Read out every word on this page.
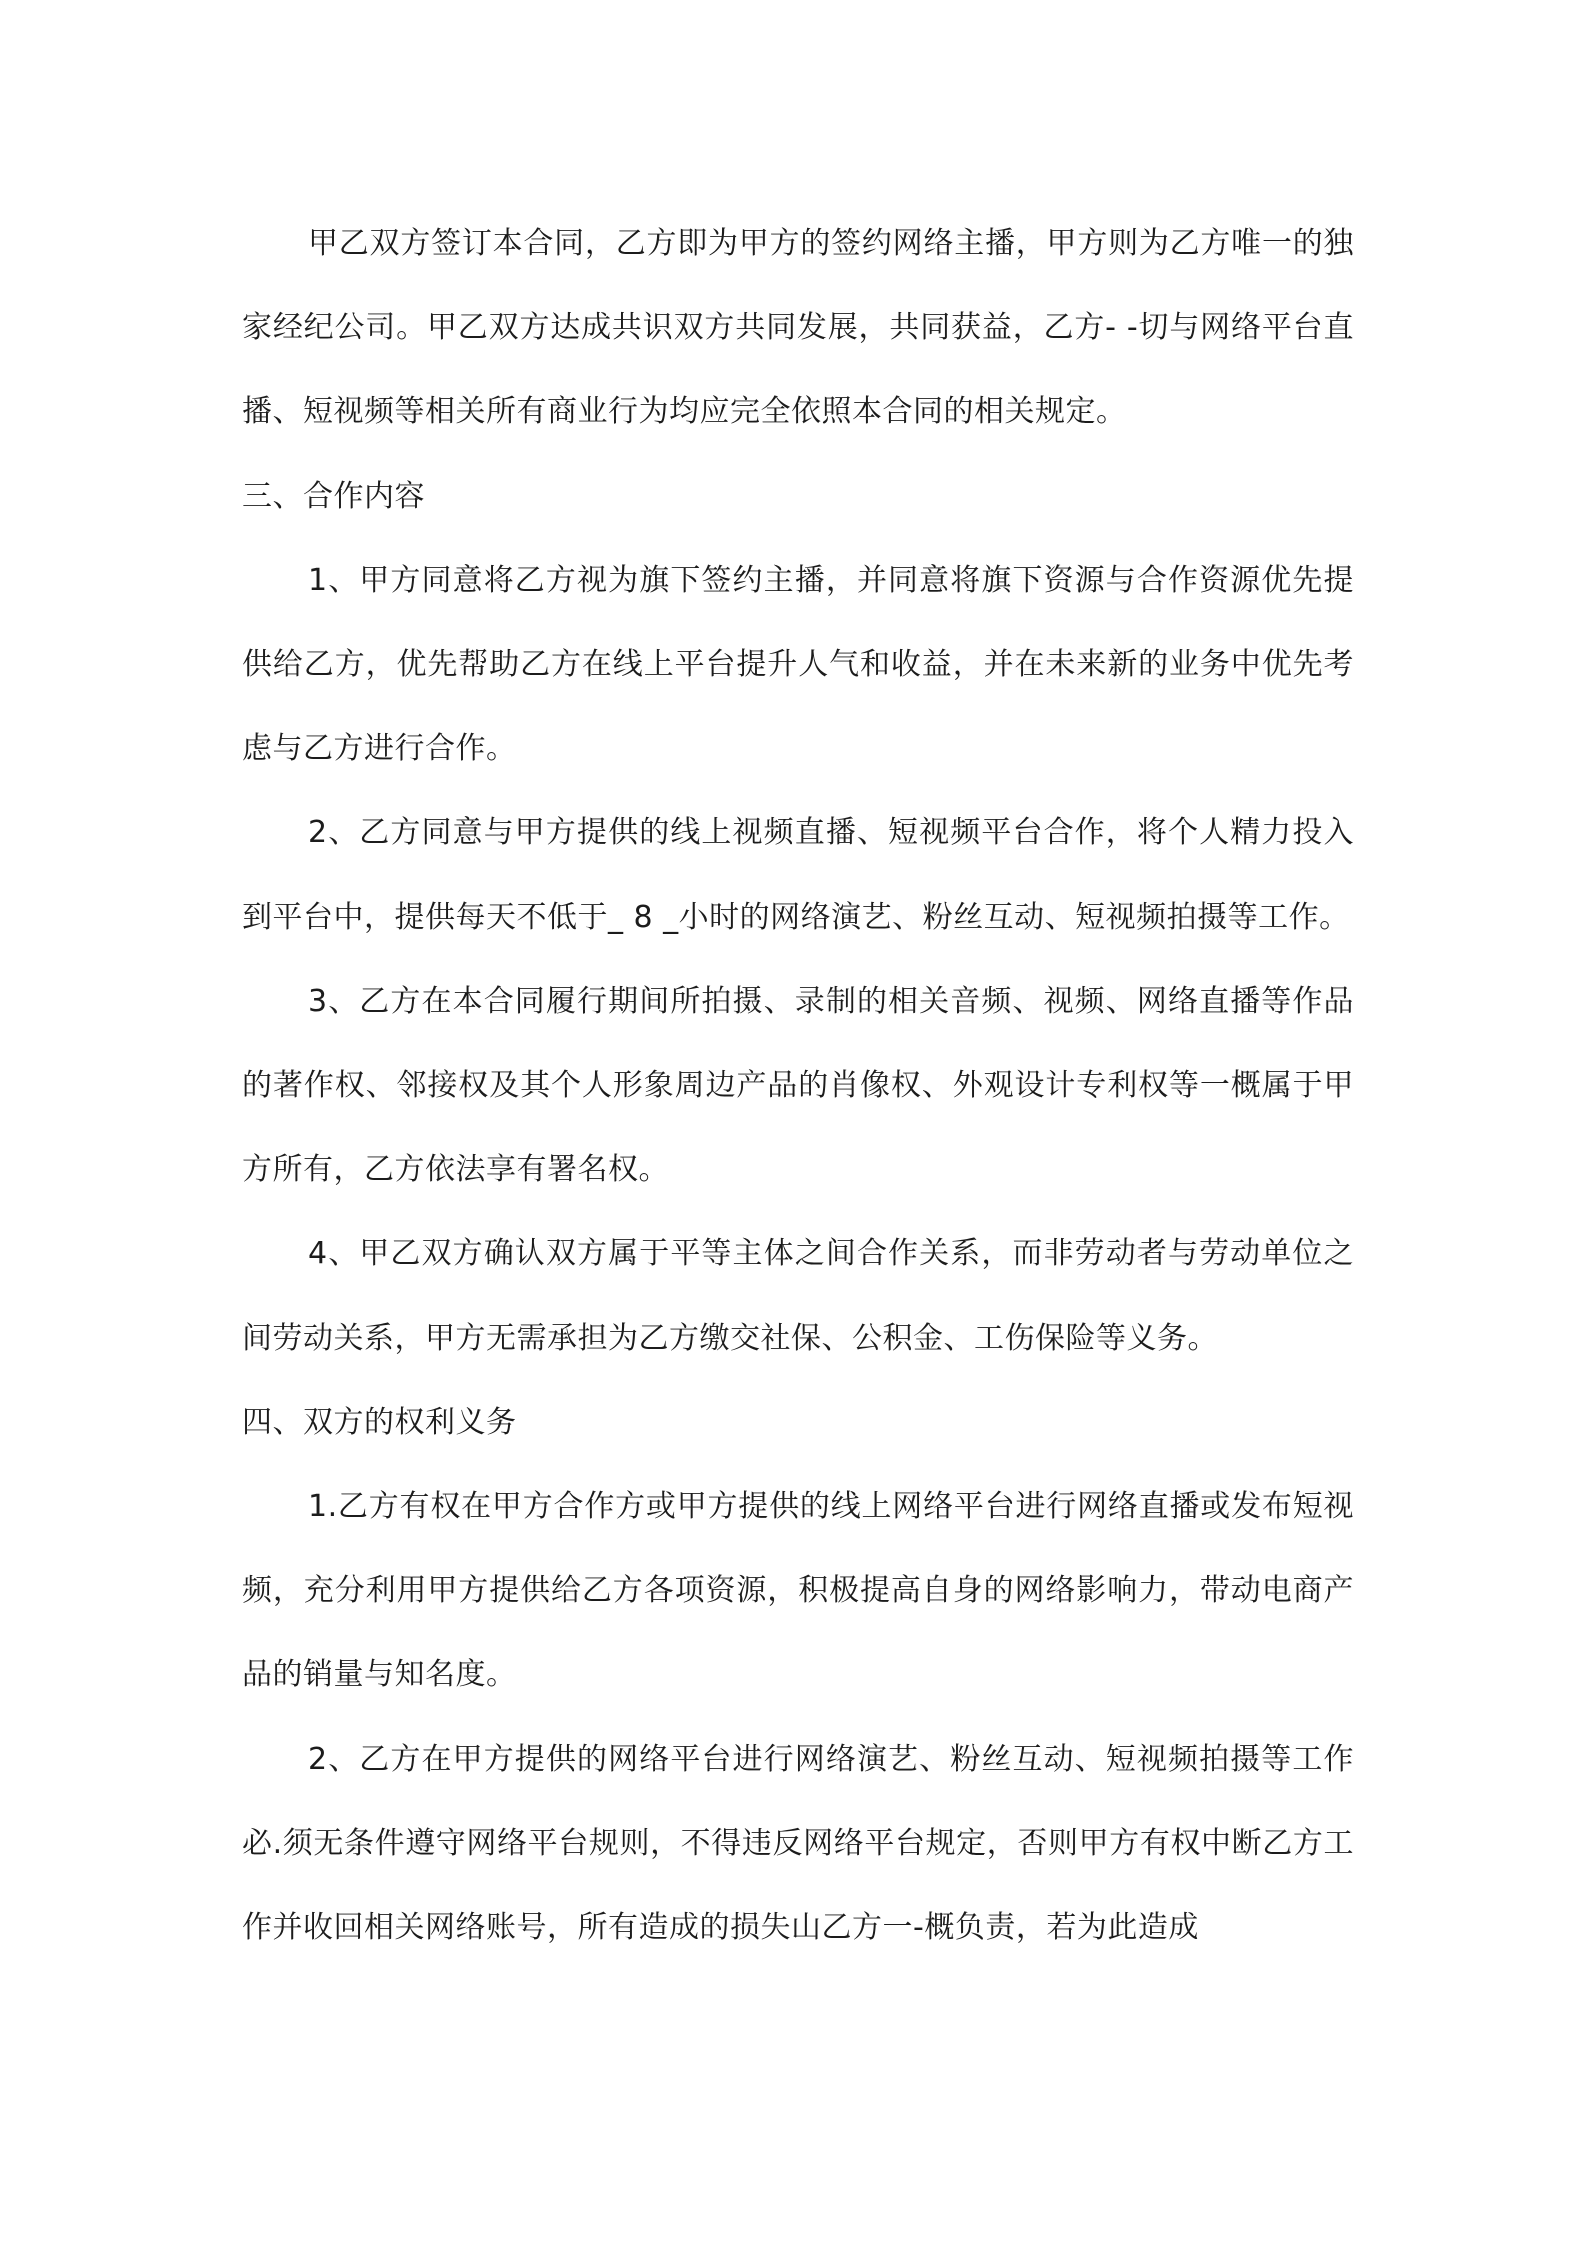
甲乙双方签订本合同，乙方即为甲方的签约网络主播，甲方则为乙方唯一的独家经纪公司。甲乙双方达成共识双方共同发展，共同获益，乙方- -切与网络平台直播、短视频等相关所有商业行为均应完全依照本合同的相关规定。

三、合作内容

1、甲方同意将乙方视为旗下签约主播，并同意将旗下资源与合作资源优先提供给乙方，优先帮助乙方在线上平台提升人气和收益，并在未来新的业务中优先考虑与乙方进行合作。

2、乙方同意与甲方提供的线上视频直播、短视频平台合作，将个人精力投入到平台中，提供每天不低于_ 8 _小时的网络演艺、粉丝互动、短视频拍摄等工作。

3、乙方在本合同履行期间所拍摄、录制的相关音频、视频、网络直播等作品的著作权、邻接权及其个人形象周边产品的肖像权、外观设计专利权等一概属于甲方所有，乙方依法享有署名权。

4、甲乙双方确认双方属于平等主体之间合作关系，而非劳动者与劳动单位之间劳动关系，甲方无需承担为乙方缴交社保、公积金、工伤保险等义务。

四、双方的权利义务

1.乙方有权在甲方合作方或甲方提供的线上网络平台进行网络直播或发布短视频，充分利用甲方提供给乙方各项资源，积极提高自身的网络影响力，带动电商产品的销量与知名度。

2、乙方在甲方提供的网络平台进行网络演艺、粉丝互动、短视频拍摄等工作必.须无条件遵守网络平台规则，不得违反网络平台规定，否则甲方有权中断乙方工作并收回相关网络账号，所有造成的损失山乙方一-概负责，若为此造成
